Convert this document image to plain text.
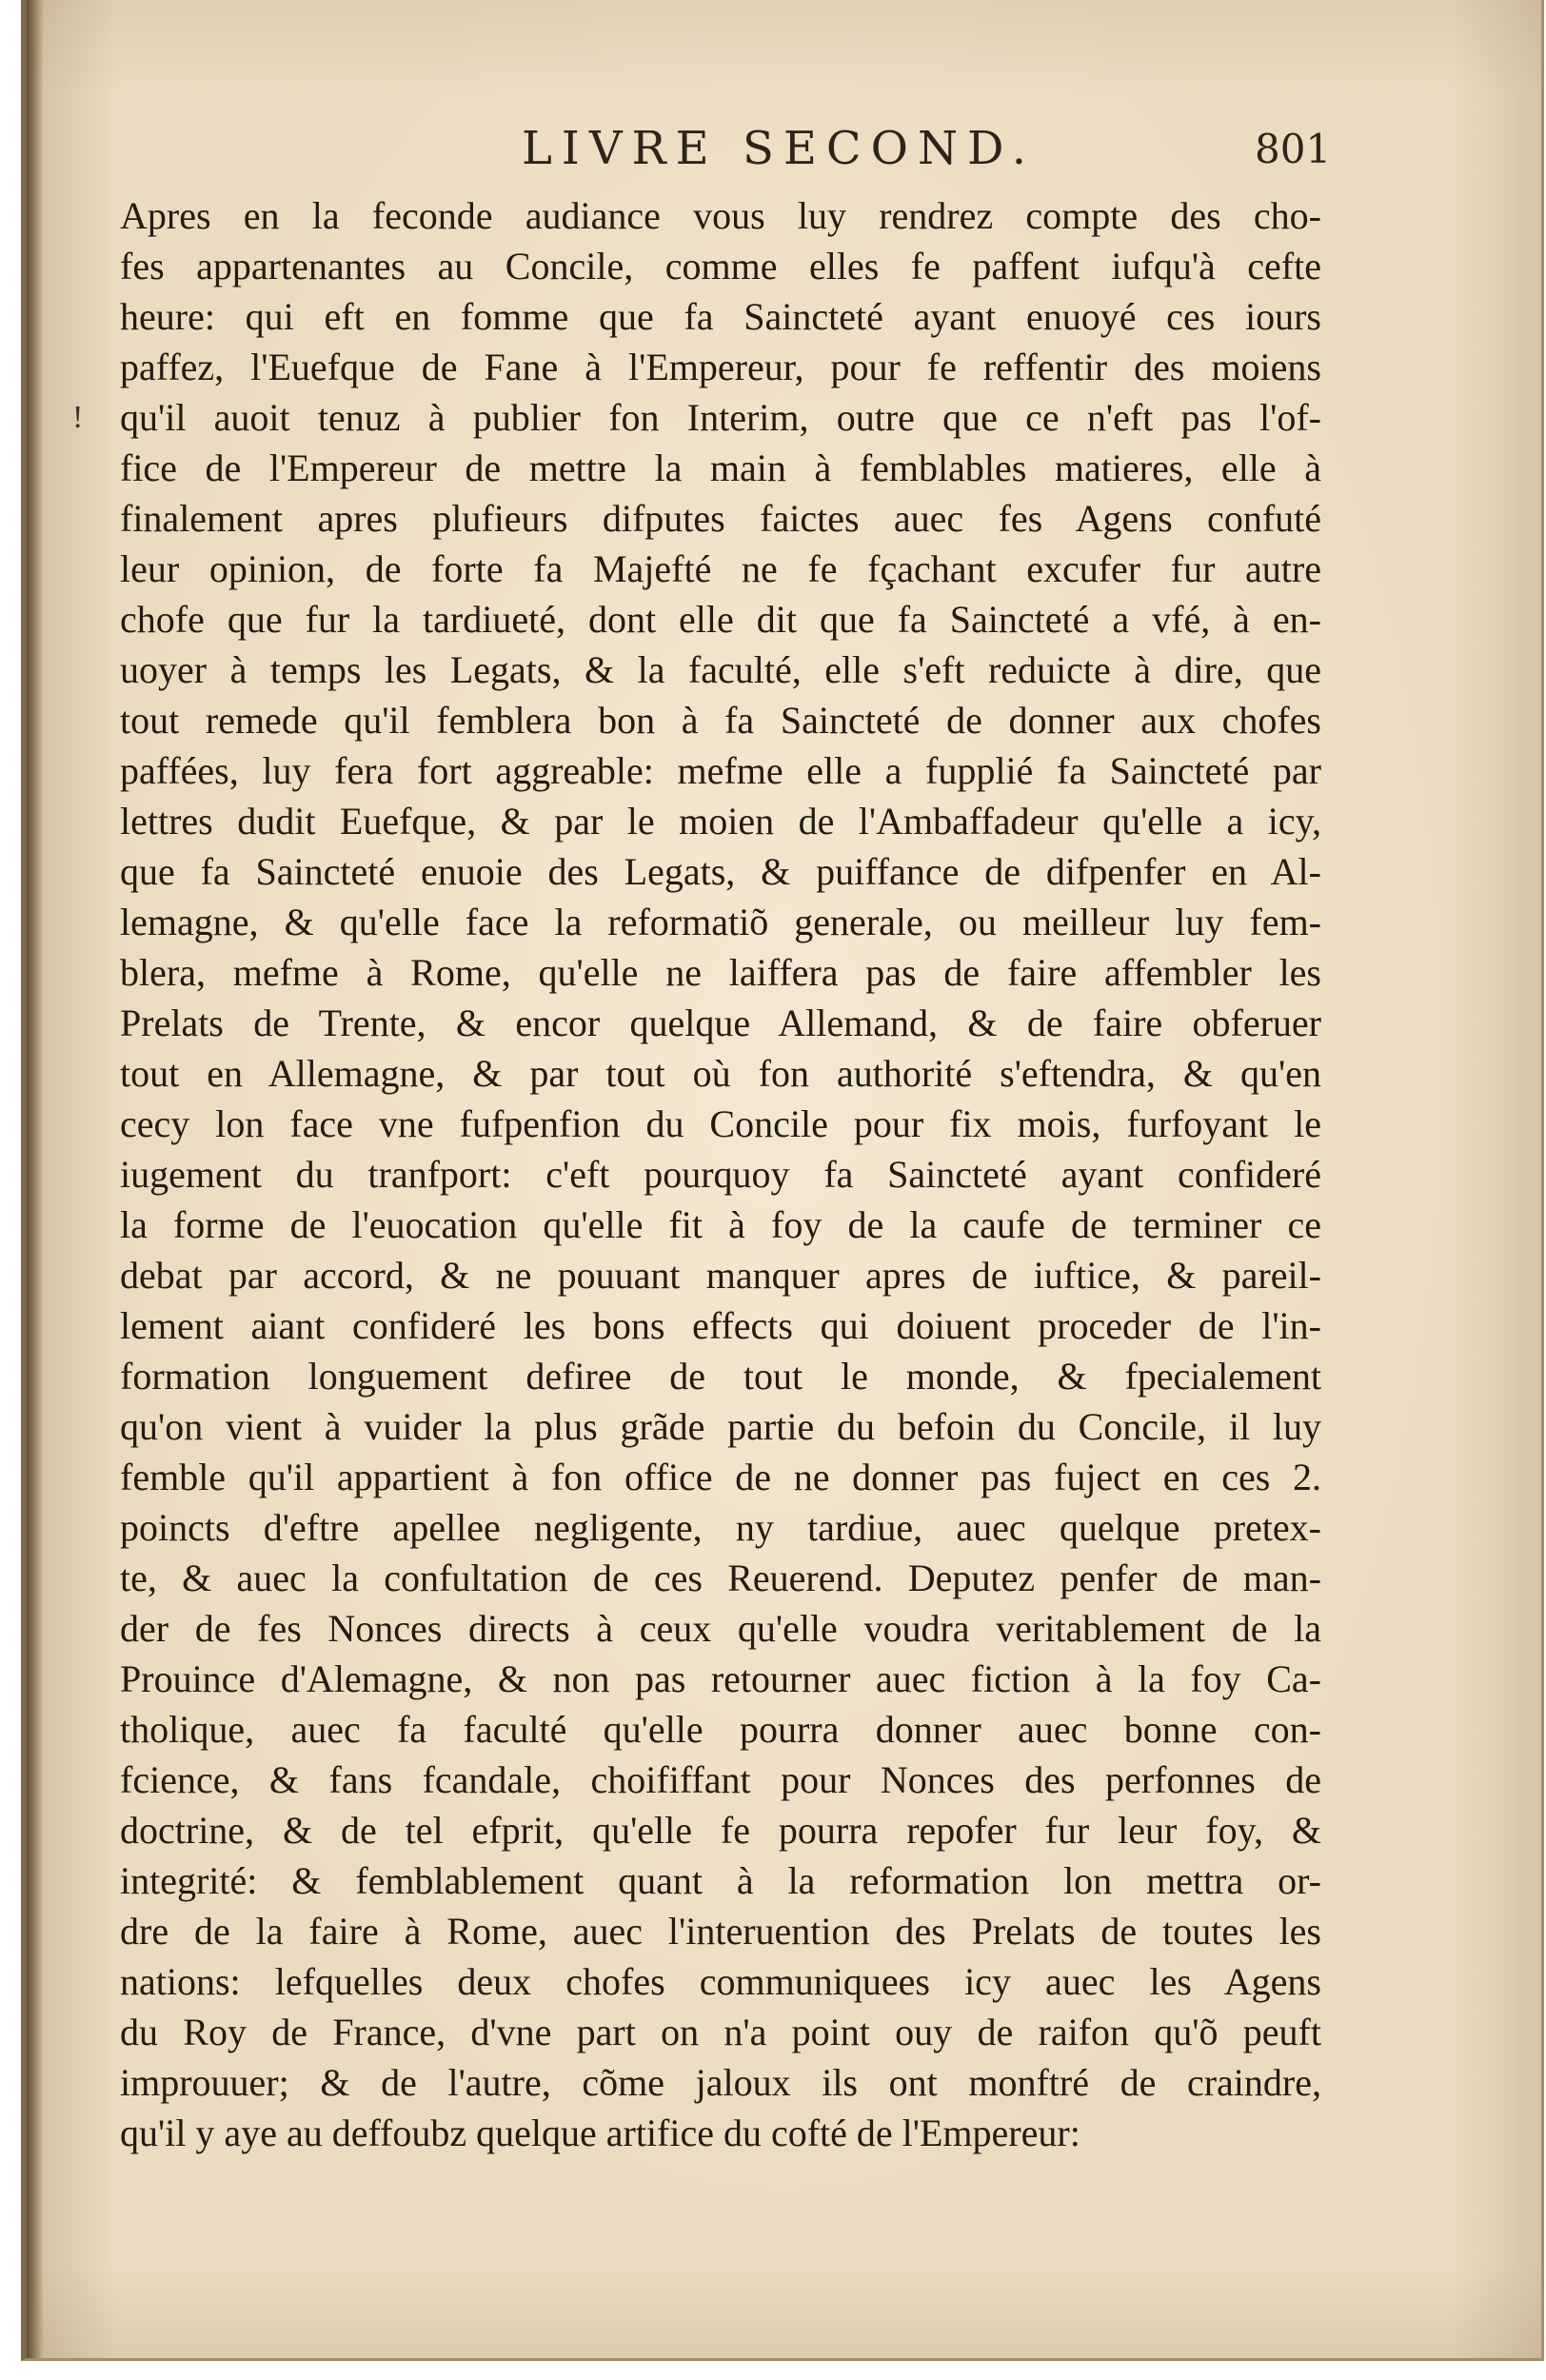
LIVRE SECOND.	801
!
Apres en la feconde audiance vous luy rendrez compte des cho-
fes appartenantes au Concile, comme elles fe paffent iufqu'à cefte
heure: qui eft en fomme que fa Saincteté ayant enuoyé ces iours
paffez, l'Euefque de Fane à l'Empereur, pour fe reffentir des moiens
qu'il auoit tenuz à publier fon Interim, outre que ce n'eft pas l'of-
fice de l'Empereur de mettre la main à femblables matieres, elle à
finalement apres plufieurs difputes faictes auec fes Agens confuté
leur opinion, de forte fa Majefté ne fe fçachant excufer fur autre
chofe que fur la tardiueté, dont elle dit que fa Saincteté a vfé, à en-
uoyer à temps les Legats, & la faculté, elle s'eft reduicte à dire, que
tout remede qu'il femblera bon à fa Saincteté de donner aux chofes
paffées, luy fera fort aggreable: mefme elle a fupplié fa Saincteté par
lettres dudit Euefque, & par le moien de l'Ambaffadeur qu'elle a icy,
que fa Saincteté enuoie des Legats, & puiffance de difpenfer en Al-
lemagne, & qu'elle face la reformatiõ generale, ou meilleur luy fem-
blera, mefme à Rome, qu'elle ne laiffera pas de faire affembler les
Prelats de Trente, & encor quelque Allemand, & de faire obferuer
tout en Allemagne, & par tout où fon authorité s'eftendra, & qu'en
cecy lon face vne fufpenfion du Concile pour fix mois, furfoyant le
iugement du tranfport: c'eft pourquoy fa Saincteté ayant confideré
la forme de l'euocation qu'elle fit à foy de la caufe de terminer ce
debat par accord, & ne pouuant manquer apres de iuftice, & pareil-
lement aiant confideré les bons effects qui doiuent proceder de l'in-
formation longuement defiree de tout le monde, & fpecialement
qu'on vient à vuider la plus grãde partie du befoin du Concile, il luy
femble qu'il appartient à fon office de ne donner pas fuject en ces 2.
poincts d'eftre apellee negligente, ny tardiue, auec quelque pretex-
te, & auec la confultation de ces Reuerend. Deputez penfer de man-
der de fes Nonces directs à ceux qu'elle voudra veritablement de la
Prouince d'Alemagne, & non pas retourner auec fiction à la foy Ca-
tholique, auec fa faculté qu'elle pourra donner auec bonne con-
fcience, & fans fcandale, choififfant pour Nonces des perfonnes de
doctrine, & de tel efprit, qu'elle fe pourra repofer fur leur foy, &
integrité: & femblablement quant à la reformation lon mettra or-
dre de la faire à Rome, auec l'interuention des Prelats de toutes les
nations: lefquelles deux chofes communiquees icy auec les Agens
du Roy de France, d'vne part on n'a point ouy de raifon qu'õ peuft
improuuer; & de l'autre, cõme jaloux ils ont monftré de craindre,
qu'il y aye au deffoubz quelque artifice du cofté de l'Empereur:
